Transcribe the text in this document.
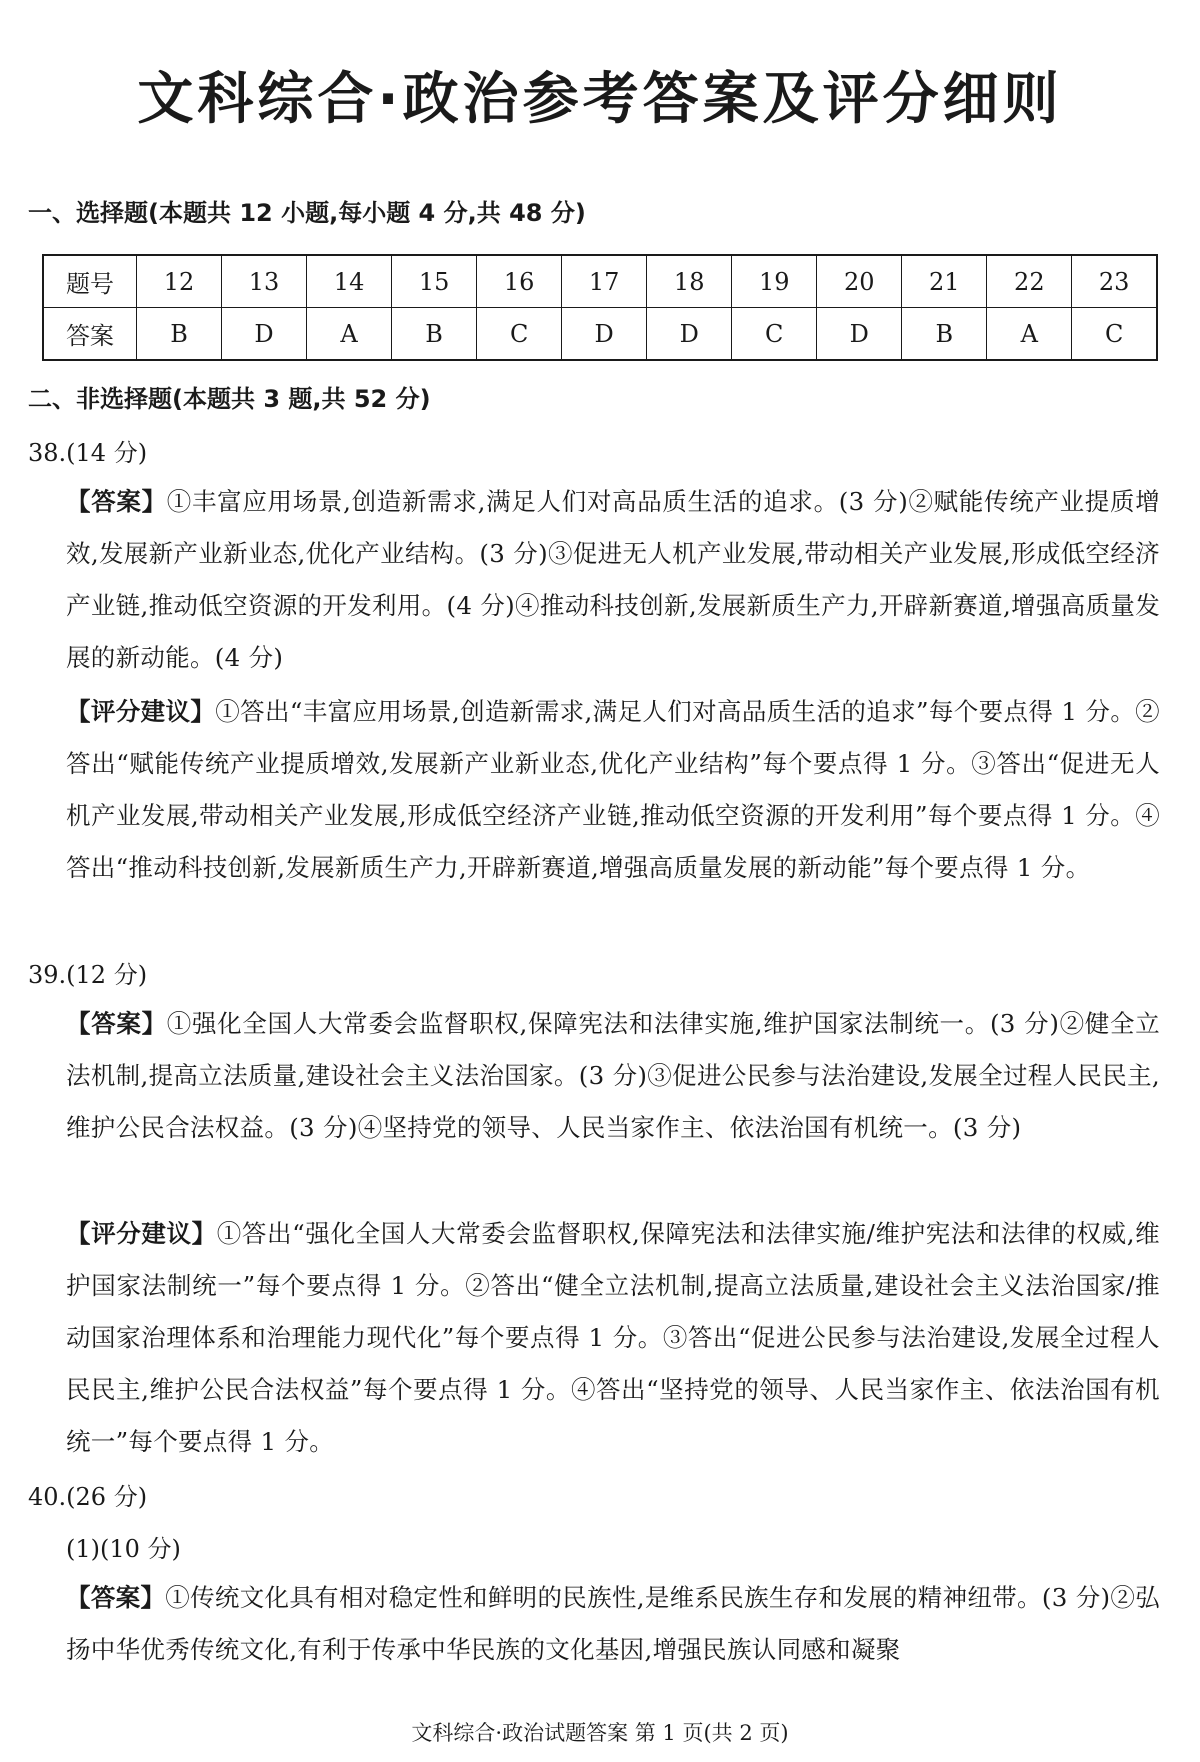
文科综合·政治参考答案及评分细则

一、选择题(本题共 12 小题,每小题 4 分,共 48 分)

题号	12	13	14	15	16	17	18	19	20	21	22	23
答案	B	D	A	B	C	D	D	C	D	B	A	C

二、非选择题(本题共 3 题,共 52 分)

38.(14 分)

【答案】①丰富应用场景,创造新需求,满足人们对高品质生活的追求。(3 分)②赋能传统产业提质增效,发展新产业新业态,优化产业结构。(3 分)③促进无人机产业发展,带动相关产业发展,形成低空经济产业链,推动低空资源的开发利用。(4 分)④推动科技创新,发展新质生产力,开辟新赛道,增强高质量发展的新动能。(4 分)

【评分建议】①答出“丰富应用场景,创造新需求,满足人们对高品质生活的追求”每个要点得 1 分。②答出“赋能传统产业提质增效,发展新产业新业态,优化产业结构”每个要点得 1 分。③答出“促进无人机产业发展,带动相关产业发展,形成低空经济产业链,推动低空资源的开发利用”每个要点得 1 分。④答出“推动科技创新,发展新质生产力,开辟新赛道,增强高质量发展的新动能”每个要点得 1 分。

39.(12 分)

【答案】①强化全国人大常委会监督职权,保障宪法和法律实施,维护国家法制统一。(3 分)②健全立法机制,提高立法质量,建设社会主义法治国家。(3 分)③促进公民参与法治建设,发展全过程人民民主,维护公民合法权益。(3 分)④坚持党的领导、人民当家作主、依法治国有机统一。(3 分)

【评分建议】①答出“强化全国人大常委会监督职权,保障宪法和法律实施/维护宪法和法律的权威,维护国家法制统一”每个要点得 1 分。②答出“健全立法机制,提高立法质量,建设社会主义法治国家/推动国家治理体系和治理能力现代化”每个要点得 1 分。③答出“促进公民参与法治建设,发展全过程人民民主,维护公民合法权益”每个要点得 1 分。④答出“坚持党的领导、人民当家作主、依法治国有机统一”每个要点得 1 分。

40.(26 分)

(1)(10 分)

【答案】①传统文化具有相对稳定性和鲜明的民族性,是维系民族生存和发展的精神纽带。(3 分)②弘扬中华优秀传统文化,有利于传承中华民族的文化基因,增强民族认同感和凝聚

文科综合·政治试题答案 第 1 页(共 2 页)
